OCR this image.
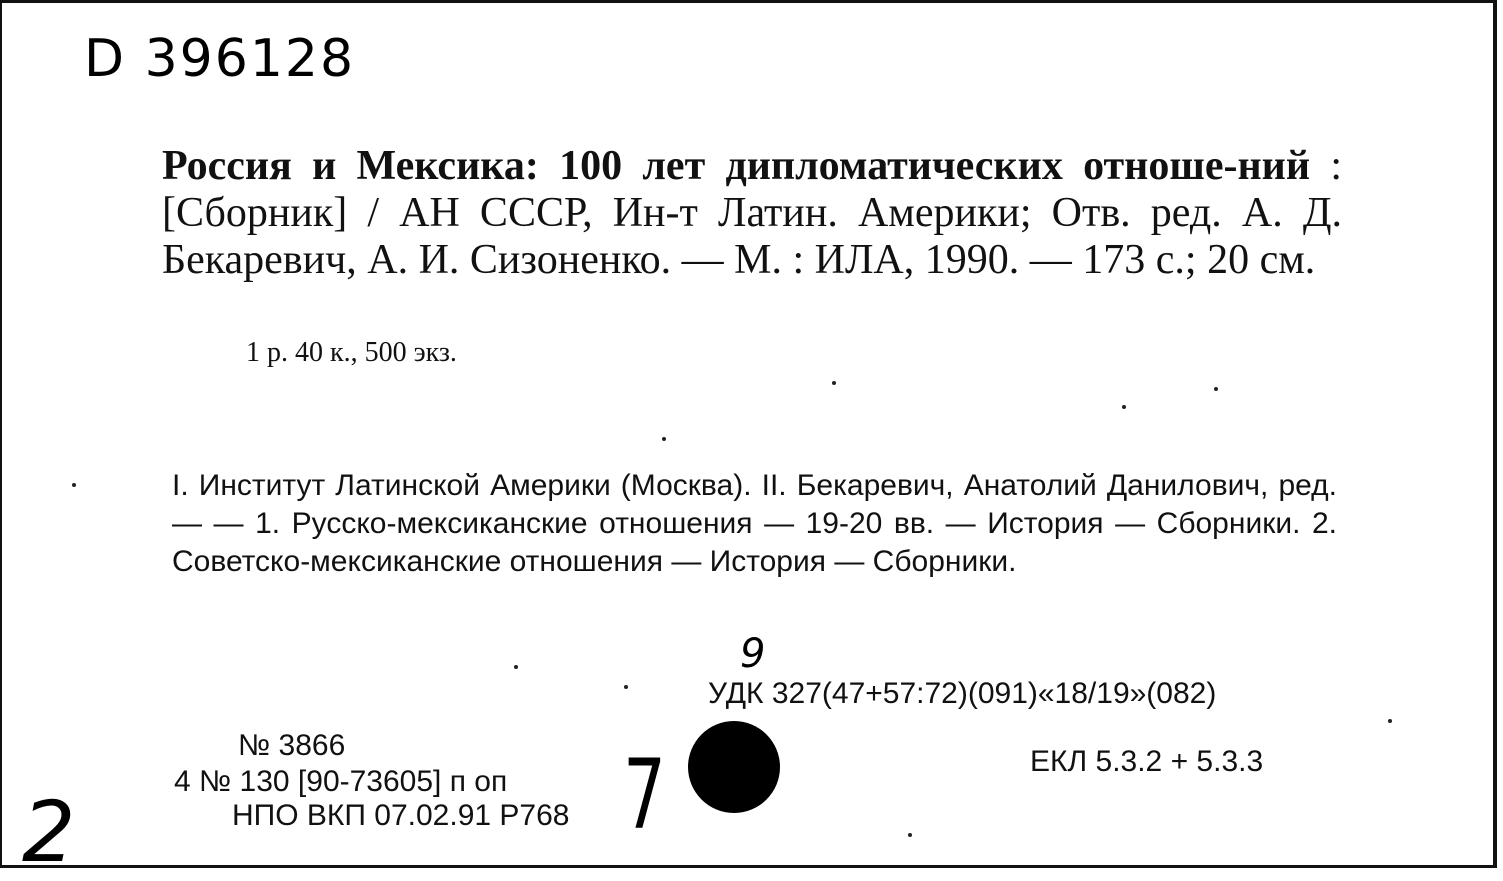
D 396128
Россия и Мексика: 100 лет дипломатических отноше-ний : [Сборник] / АН СССР, Ин-т Латин. Америки; Отв. ред. А. Д. Бекаревич, А. И. Сизоненко. — М. : ИЛА, 1990. — 173 с.; 20 см.
1 р. 40 к., 500 экз.
I. Институт Латинской Америки (Москва). II. Бекаревич, Анатолий Данилович, ред. — — 1. Русско-мексиканские отношения — 19-20 вв. — История — Сборники. 2. Советско-мексиканские отношения — История — Сборники.
9
УДК 327(47+57:72)(091)«18/19»(082)
№ 3866
4 № 130 [90-73605] п оп
НПО ВКП 07.02.91 Р768 7	ЕКЛ 5.3.2 + 5.3.3
2
